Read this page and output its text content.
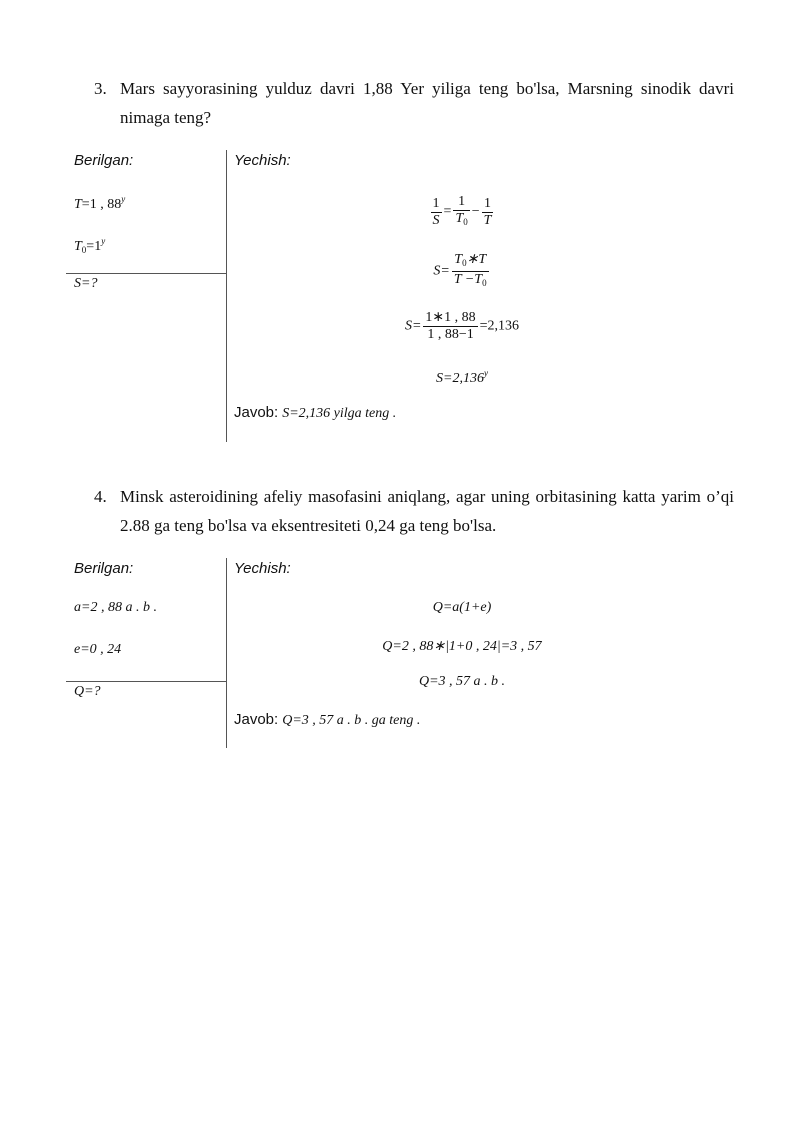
3. Mars sayyorasining yulduz davri 1,88 Yer yiliga teng bo'lsa, Marsning sinodik davri nimaga teng?
Berilgan:	Yechish:
T=1 , 88$^y$
$T_0=1^y$
S=?
$\frac{1}{S} = \frac{1}{T_0} - \frac{1}{T}$
$S= \frac{T_0∗T}{T -T_0}$
$S= \frac{1∗1 , 88}{1 , 88-1} =2,136$
$S=2,136^y$
Javob: S=2,136 yilga teng .
4. Minsk asteroidining afeliy masofasini aniqlang, agar uning orbitasining katta yarim o’qi 2.88 ga teng bo'lsa va eksentresiteti 0,24 ga teng bo'lsa.
Berilgan:	Yechish:
a=2 , 88 a . b .
e=0 , 24
Q=?
Q=a(1+e)
Q=2 , 88∗|1+0 , 24|=3 , 57
Q=3 , 57 a . b .
Javob: Q=3 , 57 a . b . ga teng .
